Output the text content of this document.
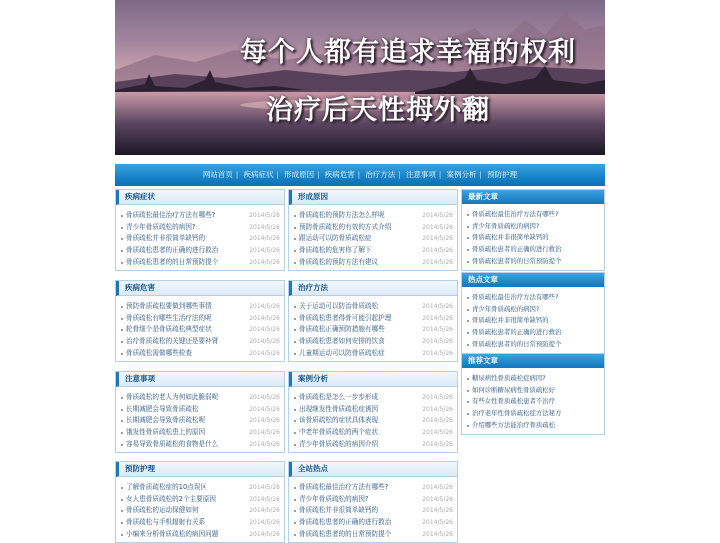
每个人都有追求幸福的权利
治疗后天性拇外翻
网站首页 | 疾病症状 | 形成原因 | 疾病危害 | 治疗方法 | 注意事项 | 案例分析 | 预防护理
疾病症状
骨质疏松最佳治疗方法有哪些?	2014/5/26
青少年骨质疏松的病因?	2014/5/26
骨质疏松并非很简单缺钙的	2014/5/26
骨质疏松患者的正确的进行救治	2014/5/26
骨质疏松患者的的日常预防提个	2014/5/26
形成原因
骨质疏松的预防方法怎么样呢	2014/5/26
预防骨质疏松的有效的方式介绍	2014/5/26
跟运动可以防骨质疏松症	2014/5/26
骨质疏松的危害你了解下	2014/5/26
骨质疏松的预防方法有建议	2014/5/26
疾病危害
预防骨质疏松要做到哪些事情	2014/5/26
骨质疏松有哪些生活疗法的呢	2014/5/26
轮骨细个是骨质疏松典型症状	2014/5/26
治疗骨质疏松的关键还是要补肾	2014/5/26
骨质疏松需做哪些检查	2014/5/26
治疗方法
关于运动可以防治骨质疏松	2014/5/26
骨质疏松患者得骨可能引起护理	2014/5/26
骨质疏松正确预防措施有哪些	2014/5/26
骨质疏松患者如何安排的饮食	2014/5/26
儿童期运动可以防骨质疏松症	2014/5/26
注意事项
骨质疏松的老人为何如此脆弱呢	2014/5/26
长期减肥会导致骨质疏松	2014/5/26
长期减肥会导致骨质疏松呢	2014/5/26
饿发性骨质疏松患上的原因	2014/5/26
容易导致骨质疏松的食物是什么	2014/5/26
案例分析
骨质疏松是怎么一步步形成	2014/5/26
出现继发性骨质疏松症诱因	2014/5/26
该骨质疏松的症状具体表现	2014/5/26
中老年骨质疏松的两个症状	2014/5/26
青少年骨质疏松的病因介绍	2014/5/26
预防护理
了解骨质疏松症的10点误区	2014/5/26
女人患骨质疏松的2个主要原因	2014/5/26
骨质疏松的运动保健如何	2014/5/26
骨质疏松与手机辐射有关系	2014/5/26
小编来分析骨质疏松的病因问题	2014/5/26
全站热点
骨质疏松最佳治疗方法有哪些?	2014/5/26
青少年骨质疏松的病因?	2014/5/26
骨质疏松并非很简单缺钙的	2014/5/26
骨质疏松患者的正确的进行救治	2014/5/26
骨质疏松患者的的日常预防提个	2014/5/26
最新文章
骨质疏松最佳治疗方法有哪些?
青少年骨质疏松的病因?
骨质疏松并非很简单缺钙的
骨质疏松患者的正确的进行救治
骨质疏松患者的的日常预防提个
热点文章
骨质疏松最佳治疗方法有哪些?
青少年骨质疏松的病因?
骨质疏松并非很简单缺钙的
骨质疏松患者的正确的进行救治
骨质疏松患者的的日常预防提个
推荐文章
糖尿病性骨质疏松症病因?
如何诊断糖尿病性骨质疏松好
有些女性骨质疏松患者不治疗
治疗老年性骨质疏松症方法秘方
介绍哪些方法能治疗骨质疏松
